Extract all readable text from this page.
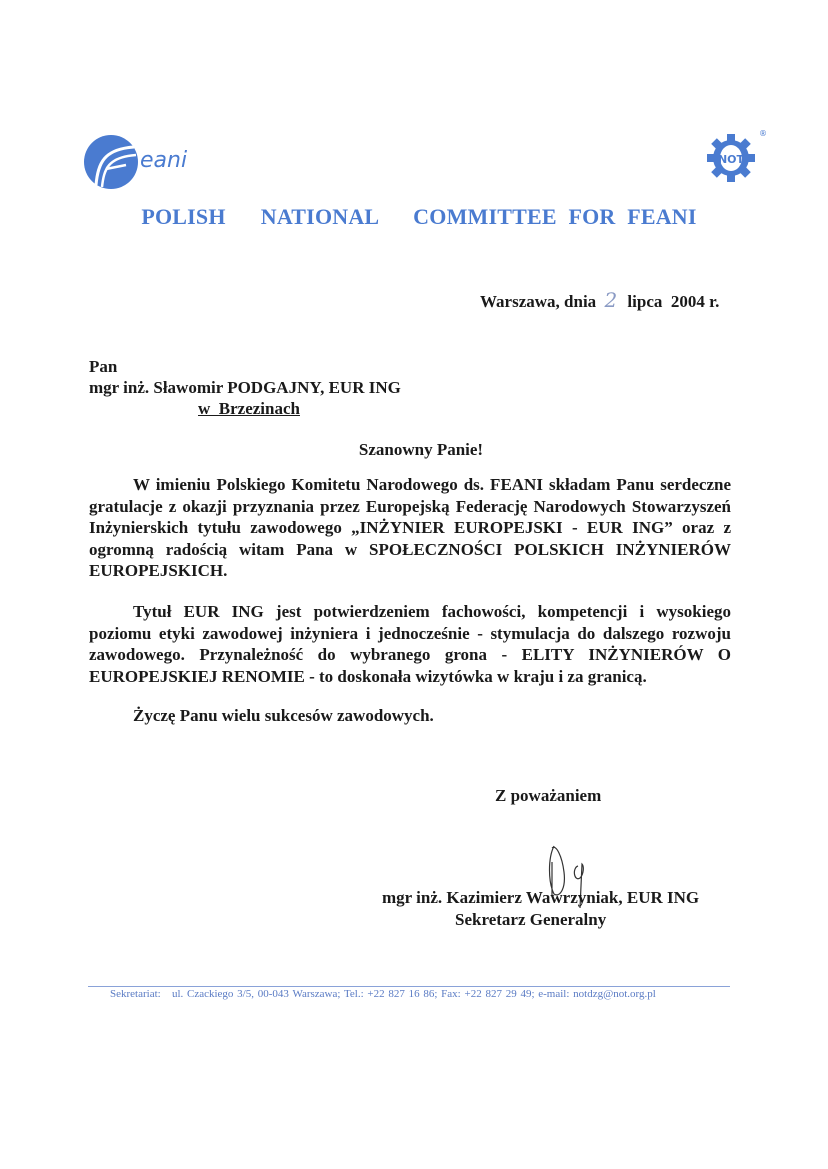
eani	NOT
®
POLISH   NATIONAL   COMMITTEE FOR FEANI
Warszawa, dnia 2 lipca  2004 r.
Pan
mgr inż. Sławomir PODGAJNY, EUR ING
w  Brzezinach
Szanowny Panie!
W imieniu Polskiego Komitetu Narodowego ds. FEANI składam Panu serdeczne gratulacje z okazji przyznania przez Europejską Federację Narodowych Stowarzyszeń Inżynierskich tytułu zawodowego „INŻYNIER EUROPEJSKI - EUR ING” oraz z ogromną radością witam Pana w SPOŁECZNOŚCI POLSKICH INŻYNIERÓW EUROPEJSKICH.
Tytuł EUR ING jest potwierdzeniem fachowości, kompetencji i wysokiego poziomu etyki zawodowej inżyniera i jednocześnie - stymulacja do dalszego rozwoju zawodowego. Przynależność do wybranego grona - ELITY INŻYNIERÓW O EUROPEJSKIEJ RENOMIE - to doskonała wizytówka w kraju i za granicą.
Życzę Panu wielu sukcesów zawodowych.
Z poważaniem
mgr inż. Kazimierz Wawrzyniak, EUR ING
Sekretarz Generalny
Sekretariat:   ul. Czackiego 3/5, 00-043 Warszawa; Tel.: +22 827 16 86; Fax: +22 827 29 49; e-mail: notdzg@not.org.pl
